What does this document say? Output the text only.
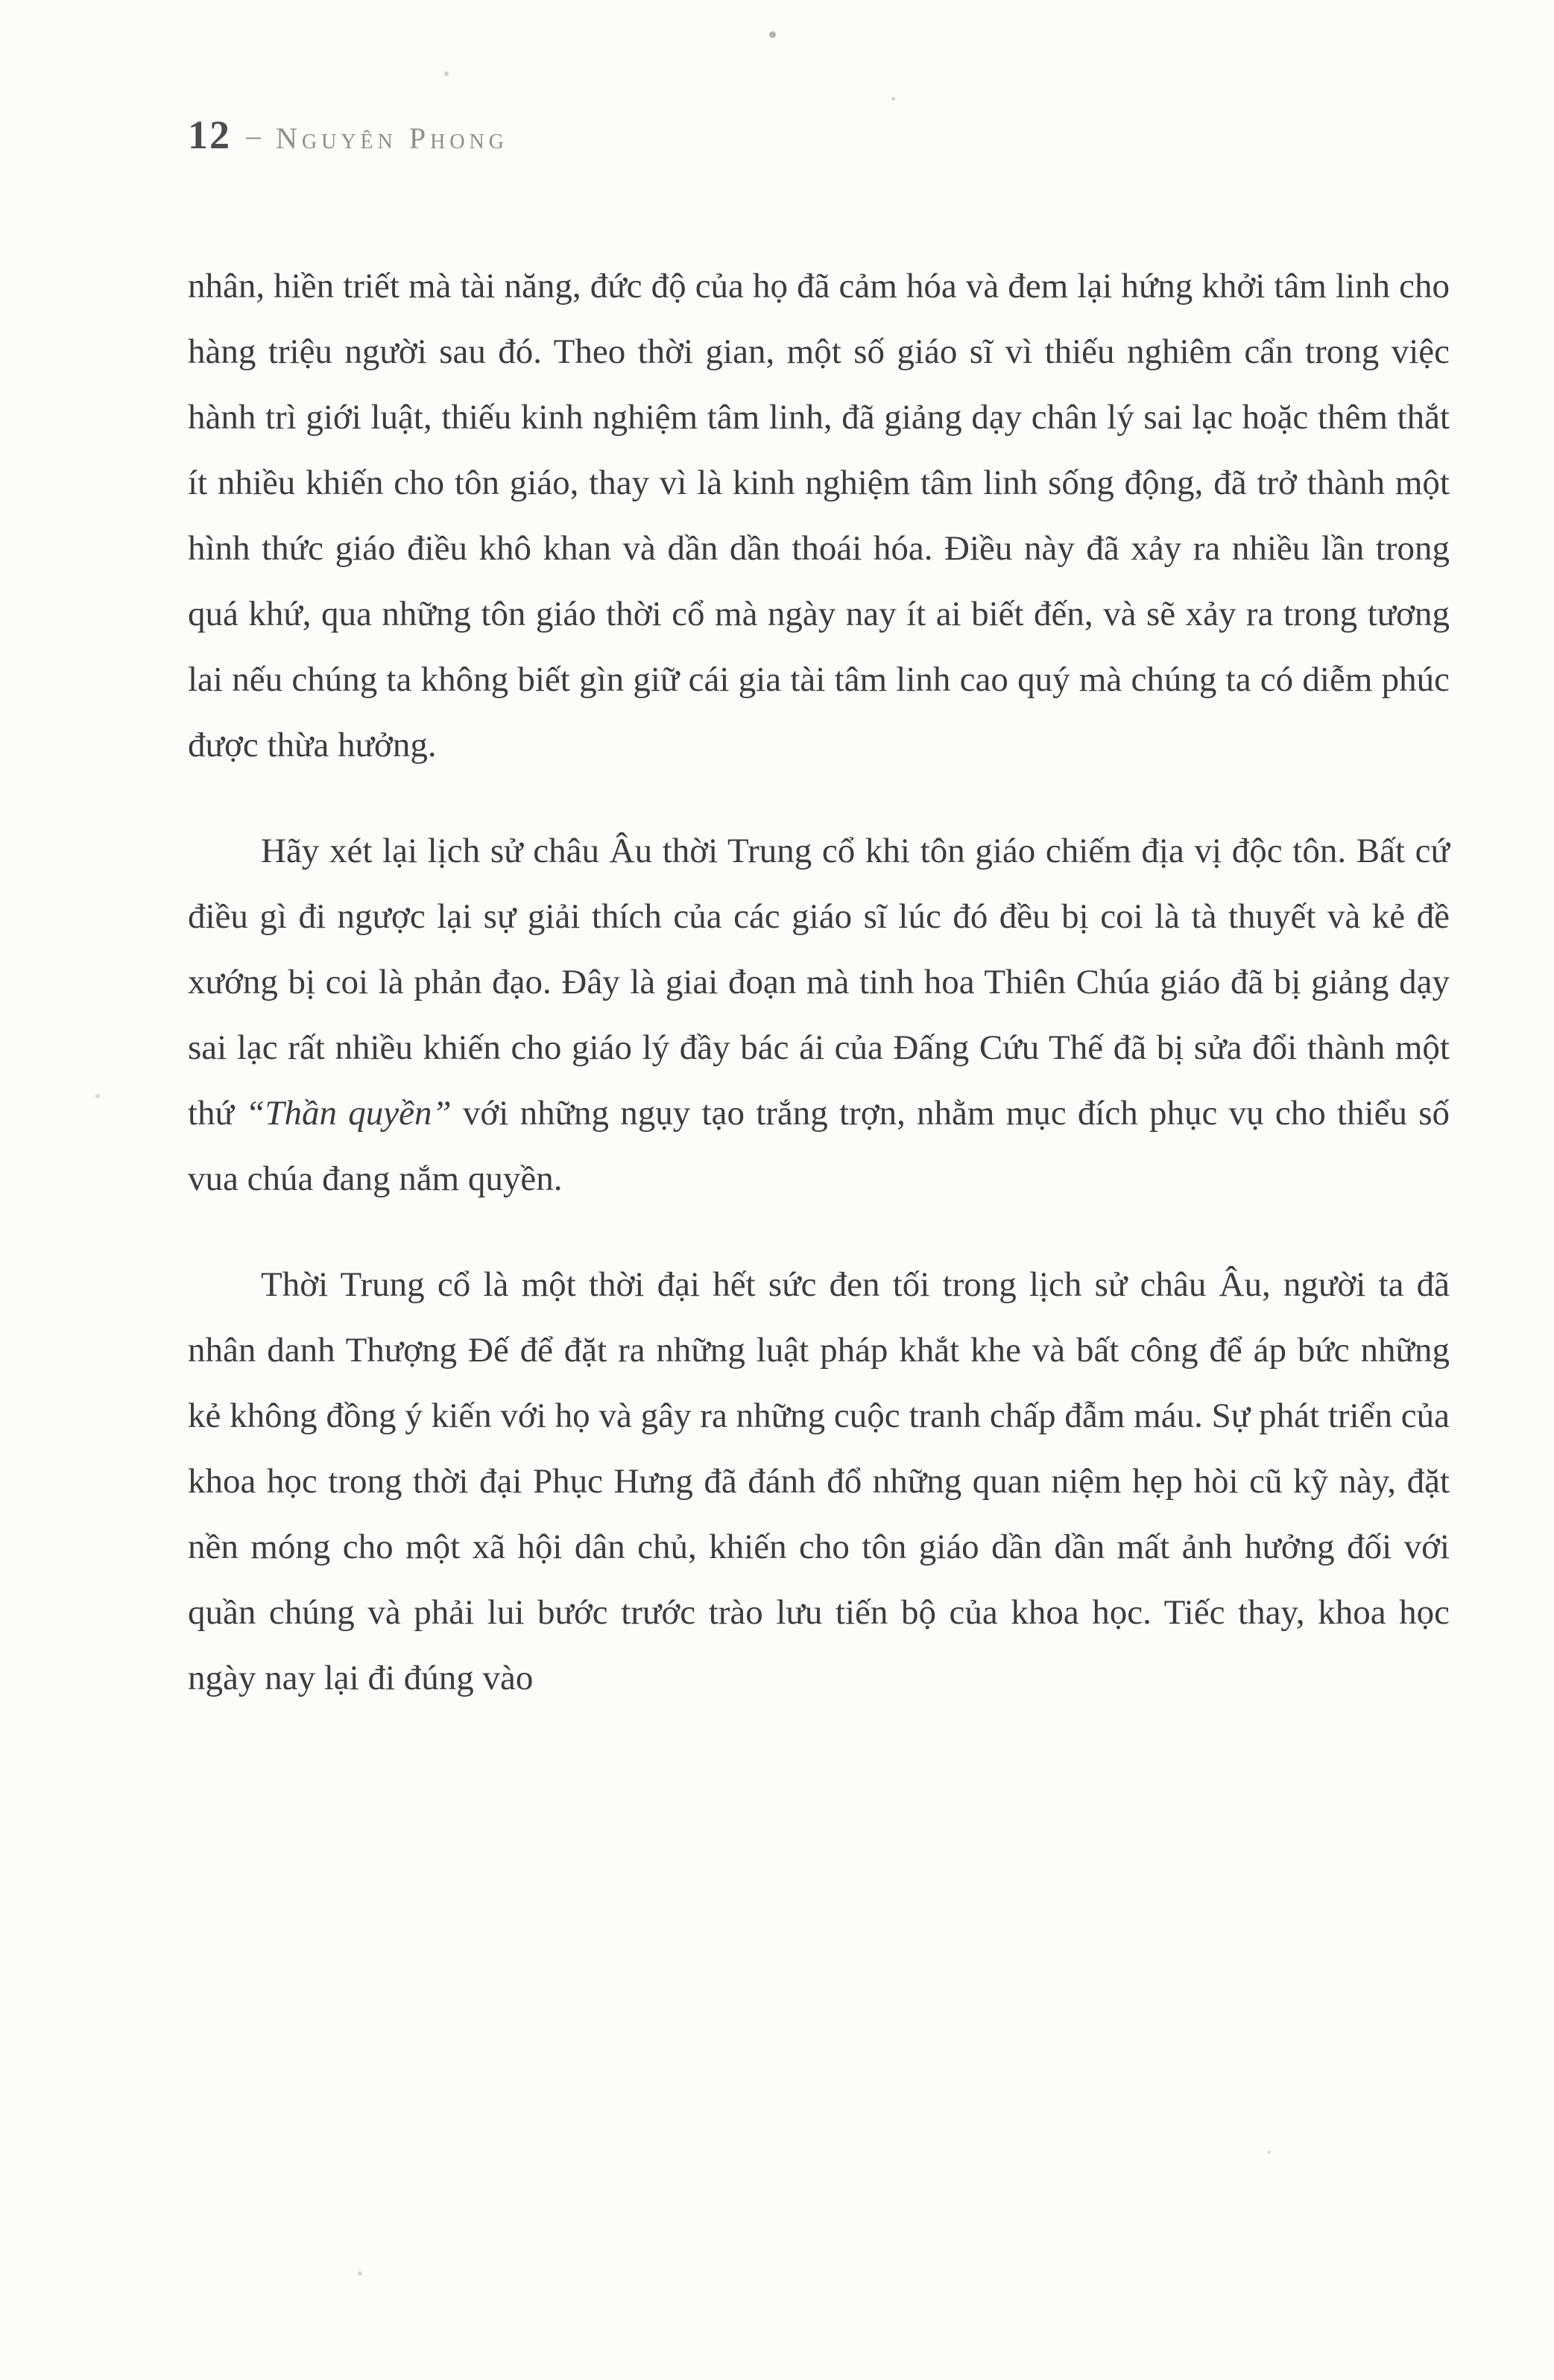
12 – Nguyên Phong

nhân, hiền triết mà tài năng, đức độ của họ đã cảm hóa và đem lại hứng khởi tâm linh cho hàng triệu người sau đó. Theo thời gian, một số giáo sĩ vì thiếu nghiêm cẩn trong việc hành trì giới luật, thiếu kinh nghiệm tâm linh, đã giảng dạy chân lý sai lạc hoặc thêm thắt ít nhiều khiến cho tôn giáo, thay vì là kinh nghiệm tâm linh sống động, đã trở thành một hình thức giáo điều khô khan và dần dần thoái hóa. Điều này đã xảy ra nhiều lần trong quá khứ, qua những tôn giáo thời cổ mà ngày nay ít ai biết đến, và sẽ xảy ra trong tương lai nếu chúng ta không biết gìn giữ cái gia tài tâm linh cao quý mà chúng ta có diễm phúc được thừa hưởng.

Hãy xét lại lịch sử châu Âu thời Trung cổ khi tôn giáo chiếm địa vị độc tôn. Bất cứ điều gì đi ngược lại sự giải thích của các giáo sĩ lúc đó đều bị coi là tà thuyết và kẻ đề xướng bị coi là phản đạo. Đây là giai đoạn mà tinh hoa Thiên Chúa giáo đã bị giảng dạy sai lạc rất nhiều khiến cho giáo lý đầy bác ái của Đấng Cứu Thế đã bị sửa đổi thành một thứ “Thần quyền” với những ngụy tạo trắng trợn, nhằm mục đích phục vụ cho thiểu số vua chúa đang nắm quyền.

Thời Trung cổ là một thời đại hết sức đen tối trong lịch sử châu Âu, người ta đã nhân danh Thượng Đế để đặt ra những luật pháp khắt khe và bất công để áp bức những kẻ không đồng ý kiến với họ và gây ra những cuộc tranh chấp đẫm máu. Sự phát triển của khoa học trong thời đại Phục Hưng đã đánh đổ những quan niệm hẹp hòi cũ kỹ này, đặt nền móng cho một xã hội dân chủ, khiến cho tôn giáo dần dần mất ảnh hưởng đối với quần chúng và phải lui bước trước trào lưu tiến bộ của khoa học. Tiếc thay, khoa học ngày nay lại đi đúng vào
